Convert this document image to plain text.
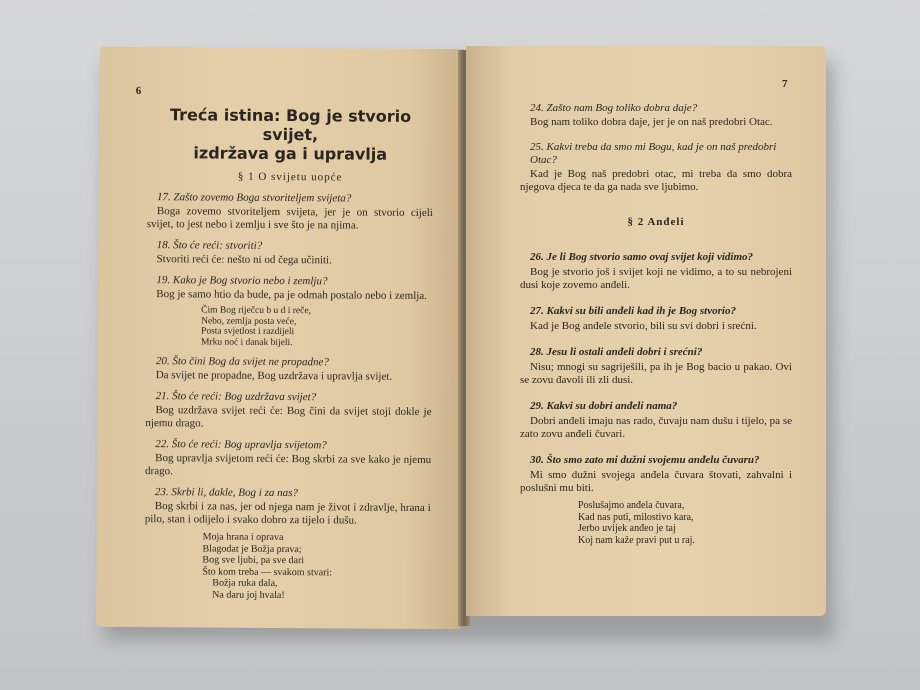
6

Treća istina: Bog je stvorio svijet,

izdržava ga i upravlja

§ 1 O svijetu uopće
17. Zašto zovemo Boga stvoriteljem svijeta?

Boga zovemo stvoriteljem svijeta, jer je on stvorio cijeli svijet, to jest nebo i zemlju i sve što je na njima.

18. Što će reći: stvoriti?

Stvoriti reći će: nešto ni od čega učiniti.

19. Kako je Bog stvorio nebo i zemlju?

Bog je samo htio da bude, pa je odmah postalo nebo i zemlja.

Čim Bog riječcu b u d i reče,
Nebo, zemlja posta veće,
Posta svjetlost i razdijeli
Mrku noć i danak bijeli.
20. Što čini Bog da svijet ne propadne?

Da svijet ne propadne, Bog uzdržava i upravlja svijet.

21. Što će reći: Bog uzdržava svijet?

Bog uzdržava svijet reći će: Bog čini da svijet stoji dokle je njemu drago.

22. Što će reći: Bog upravlja svijetom?

Bog upravlja svijetom reći će: Bog skrbi za sve kako je njemu drago.

23. Skrbi li, dakle, Bog i za nas?

Bog skrbi i za nas, jer od njega nam je život i zdravlje, hrana i pilo, stan i odijelo i svako dobro za tijelo i dušu.

Moja hrana i oprava
Blagodat je Božja prava;
Bog sve ljubi, pa sve dari
Što kom treba — svakom stvari:
Božja ruka dala,
Na daru joj hvala!
7
24. Zašto nam Bog toliko dobra daje?

Bog nam toliko dobra daje, jer je on naš predobri Otac.

25. Kakvi treba da smo mi Bogu, kad je on naš predobri Otac?

Kad je Bog naš predobri otac, mi treba da smo dobra njegova djeca te da ga nada sve ljubimo.

§ 2 Anđeli
26. Je li Bog stvorio samo ovaj svijet koji vidimo?

Bog je stvorio još i svijet koji ne vidimo, a to su nebrojeni dusi koje zovemo anđeli.

27. Kakvi su bili anđeli kad ih je Bog stvorio?

Kad je Bog anđele stvorio, bili su svi dobri i srećni.

28. Jesu li ostali anđeli dobri i srećni?

Nisu; mnogi su sagriješili, pa ih je Bog bacio u pakao. Ovi se zovu đavoli ili zli dusi.

29. Kakvi su dobri anđeli nama?

Dobri anđeli imaju nas rado, čuvaju nam dušu i tijelo, pa se zato zovu anđeli čuvari.

30. Što smo zato mi dužni svojemu anđelu čuvaru?

Mi smo dužni svojega anđela čuvara štovati, zahvalni i poslušni mu biti.

Poslušajmo anđela čuvara,
Kad nas putï, milostivo kara,
Jerbo uvijek anđeo je taj
Koj nam kaže pravi put u raj.
